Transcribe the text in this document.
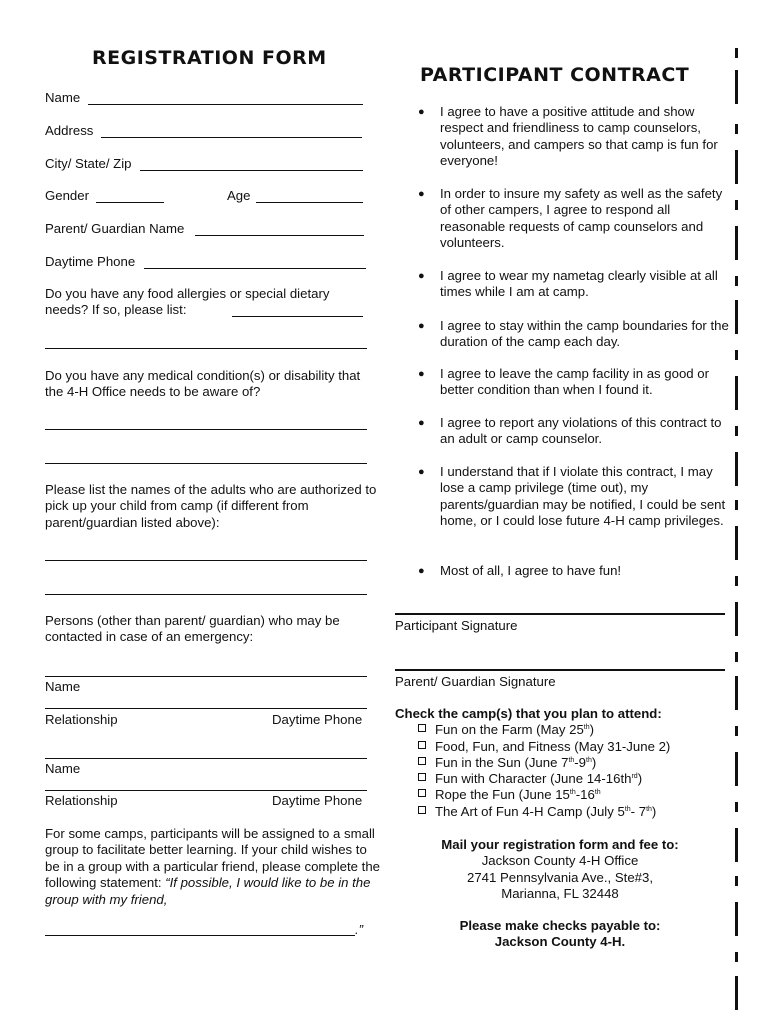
REGISTRATION FORM
Name
Address
City/ State/ Zip
Gender	Age
Parent/ Guardian Name
Daytime Phone
Do you have any food allergies or special dietary needs? If so, please list:
Do you have any medical condition(s) or disability that the 4-H Office needs to be aware of?
Please list the names of the adults who are authorized to pick up your child from camp (if different from parent/guardian listed above):
Persons (other than parent/ guardian) who may be contacted in case of an emergency:
Name
Relationship	Daytime Phone
Name
Relationship	Daytime Phone
For some camps, participants will be assigned to a small group to facilitate better learning. If your child wishes to be in a group with a particular friend, please complete the following statement: “If possible, I would like to be in the group with my friend,
.”
PARTICIPANT CONTRACT
● I agree to have a positive attitude and show respect and friendliness to camp counselors, volunteers, and campers so that camp is fun for everyone!
● In order to insure my safety as well as the safety of other campers, I agree to respond all reasonable requests of camp counselors and volunteers.
● I agree to wear my nametag clearly visible at all times while I am at camp.
● I agree to stay within the camp boundaries for the duration of the camp each day.
● I agree to leave the camp facility in as good or better condition than when I found it.
● I agree to report any violations of this contract to an adult or camp counselor.
● I understand that if I violate this contract, I may lose a camp privilege (time out), my parents/guardian may be notified, I could be sent home, or I could lose future 4-H camp privileges.
● Most of all, I agree to have fun!
Participant Signature
Parent/ Guardian Signature
Check the camp(s) that you plan to attend:
Fun on the Farm (May 25th)
Food, Fun, and Fitness (May 31-June 2)
Fun in the Sun (June 7th-9th)
Fun with Character (June $14-16th^{rd}$)
Rope the Fun (June 15th-16th
The Art of Fun 4-H Camp (July 5th- 7th)
Mail your registration form and fee to:
Jackson County 4-H Office
2741 Pennsylvania Ave., Ste#3,
Marianna, FL 32448
Please make checks payable to:
Jackson County 4-H.
